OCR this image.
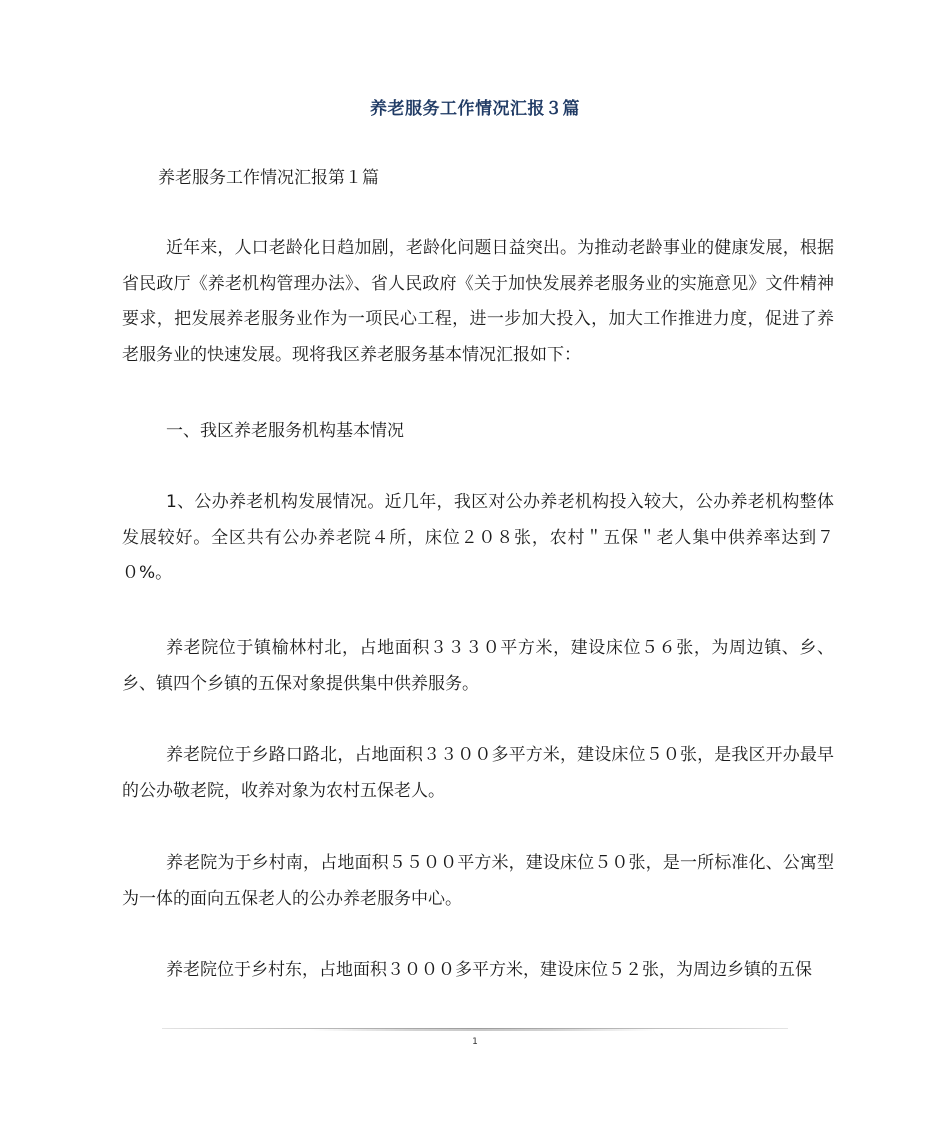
养老服务工作情况汇报３篇
养老服务工作情况汇报第１篇
近年来，人口老龄化日趋加剧，老龄化问题日益突出。为推动老龄事业的健康发展，根据省民政厅《养老机构管理办法》、省人民政府《关于加快发展养老服务业的实施意见》文件精神要求，把发展养老服务业作为一项民心工程，进一步加大投入，加大工作推进力度，促进了养老服务业的快速发展。现将我区养老服务基本情况汇报如下：
一、我区养老服务机构基本情况
1、公办养老机构发展情况。近几年，我区对公办养老机构投入较大，公办养老机构整体发展较好。全区共有公办养老院４所，床位２０８张，农村＂五保＂老人集中供养率达到７０%。
养老院位于镇榆林村北，占地面积３３３０平方米，建设床位５６张，为周边镇、乡、乡、镇四个乡镇的五保对象提供集中供养服务。
养老院位于乡路口路北，占地面积３３００多平方米，建设床位５０张，是我区开办最早的公办敬老院，收养对象为农村五保老人。
养老院为于乡村南，占地面积５５００平方米，建设床位５０张，是一所标准化、公寓型为一体的面向五保老人的公办养老服务中心。
养老院位于乡村东，占地面积３０００多平方米，建设床位５２张，为周边乡镇的五保
1
